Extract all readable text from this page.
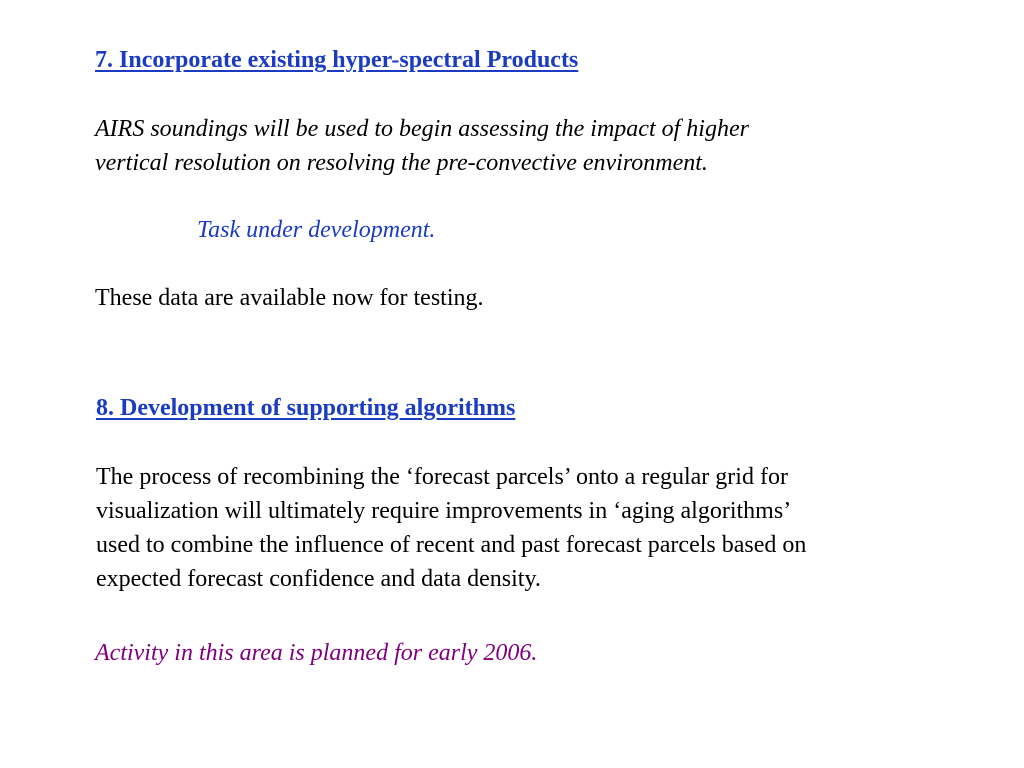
7. Incorporate existing hyper-spectral Products

AIRS soundings will be used to begin assessing the impact of higher
vertical resolution on resolving the pre-convective environment.

Task under development.

These data are available now for testing.

8. Development of supporting algorithms

The process of recombining the ‘forecast parcels’ onto a regular grid for
visualization will ultimately require improvements in ‘aging algorithms’
used to combine the influence of recent and past forecast parcels based on
expected forecast confidence and data density.

Activity in this area is planned for early 2006.
